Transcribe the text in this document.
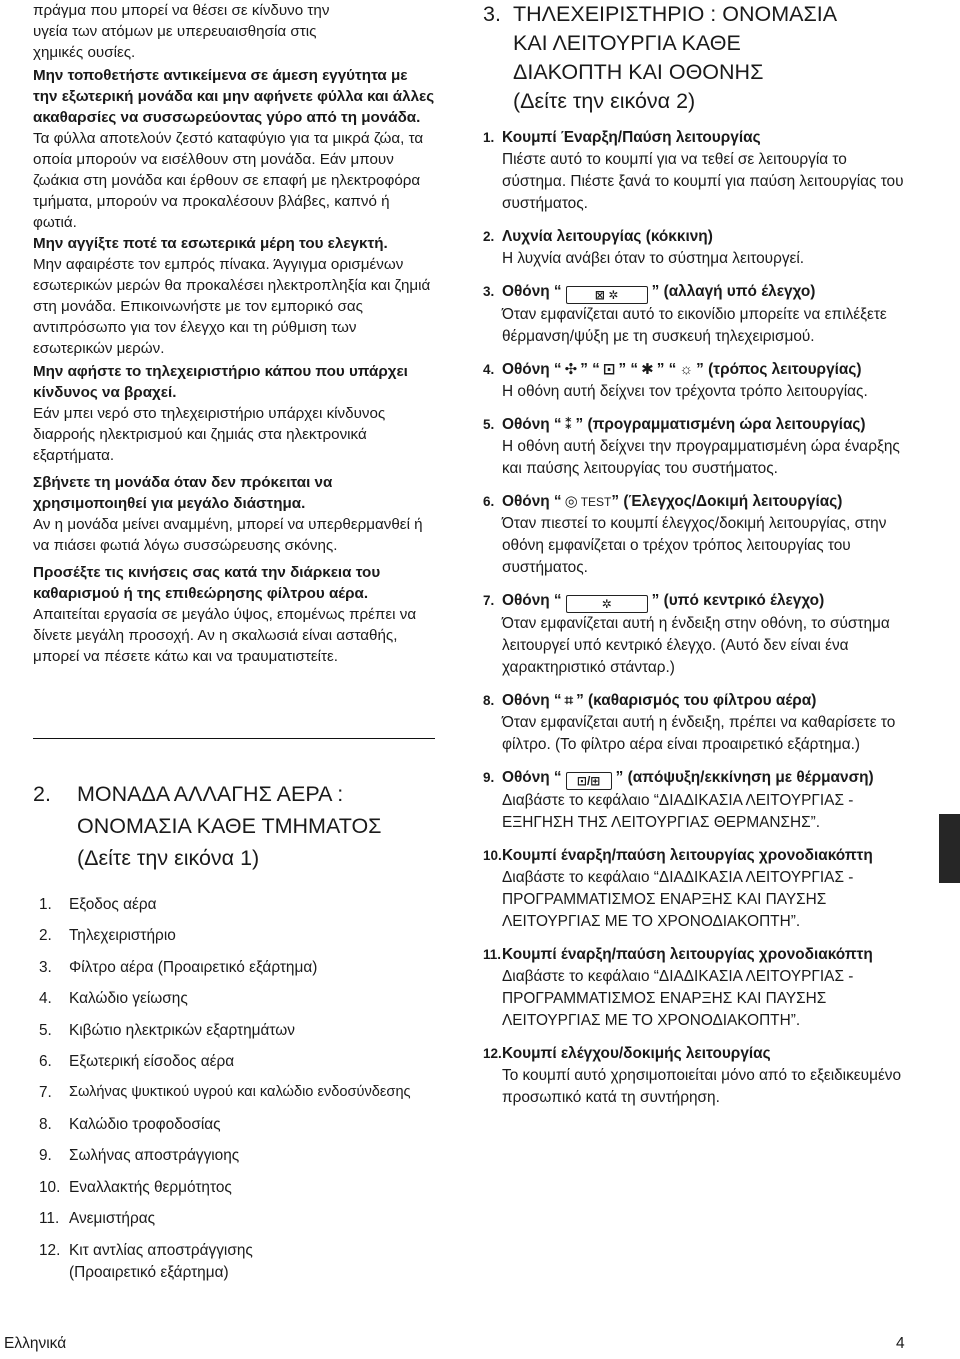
πράγμα που μπορεί να θέσει σε κίνδυνο την

υγεία των ατόμων με υπερευαισθησία στις

χημικές ουσίες.

Μην τοποθετήστε αντικείμενα σε άμεση εγγύτητα με την εξωτερική μονάδα και μην αφήνετε φύλλα και άλλες ακαθαρσίες να συσσωρεύοντας γύρο από τη μονάδα.

Τα φύλλα αποτελούν ζεστό καταφύγιο για τα μικρά ζώα, τα οποία μπορούν να εισέλθουν στη μονάδα. Εάν μπουν ζωάκια στη μονάδα και έρθουν σε επαφή με ηλεκτροφόρα τμήματα, μπορούν να προκαλέσουν βλάβες, καπνό ή φωτιά.

Μην αγγίξτε ποτέ τα εσωτερικά μέρη του ελεγκτή.

Μην αφαιρέστε τον εμπρός πίνακα. Άγγιγμα ορισμένων εσωτερικών μερών θα προκαλέσει ηλεκτροπληξία και ζημιά στη μονάδα. Επικοινωνήστε με τον εμπορικό σας αντιπρόσωπο για τον έλεγχο και τη ρύθμιση των εσωτερικών μερών.

Μην αφήστε το τηλεχειριστήριο κάπου που υπάρχει κίνδυνος να βραχεί.

Εάν μπει νερό στο τηλεχειριστήριο υπάρχει κίνδυνος διαρροής ηλεκτρισμού και ζημιάς στα ηλεκτρονικά εξαρτήματα.

Σβήνετε τη μονάδα όταν δεν πρόκειται να χρησιμοποιηθεί για μεγάλο διάστημα.

Αν η μονάδα μείνει αναμμένη, μπορεί να υπερθερμανθεί ή να πιάσει φωτιά λόγω συσσώρευσης σκόνης.

Προσέξτε τις κινήσεις σας κατά την διάρκεια του καθαρισμού ή της επιθεώρησης φίλτρου αέρα.

Απαιτείται εργασία σε μεγάλο ύψος, επομένως πρέπει να δίνετε μεγάλη προσοχή. Αν η σκαλωσιά είναι ασταθής, μπορεί να πέσετε κάτω και να τραυματιστείτε.

2. ΜΟΝΑΔΑ ΑΛΛΑΓΗΣ ΑΕΡΑ :
ΟΝΟΜΑΣΙΑ ΚΑΘΕ ΤΜΗΜΑΤΟΣ
(Δείτε την εικόνα 1)
1.	Εξοδος αέρα
2.	Τηλεχειριστήριο
3.	Φίλτρο αέρα (Προαιρετικό εξάρτημα)
4.	Καλώδιο γείωσης
5.	Κιβώτιο ηλεκτρικών εξαρτημάτων
6.	Εξωτερική είσοδος αέρα
7.	Σωλήνας ψυκτικού υγρού και καλώδιο ενδοσύνδεσης
8.	Καλώδιο τροφοδοσίας
9.	Σωλήνας αποστράγγιοης
10. Εναλλακτής θερμότητος
11. Ανεμιστήρας
12. Κιτ αντλίας αποστράγγισης
(Προαιρετικό εξάρτημα)
3. ΤΗΛΕΧΕΙΡΙΣΤΗΡΙΟ : ΟΝΟΜΑΣΙΑ
ΚΑΙ ΛΕΙΤΟΥΡΓΙΑ ΚΑΘΕ
ΔΙΑΚΟΠΤΗ ΚΑΙ ΟΘΟΝΗΣ
(Δείτε την εικόνα 2)
1. Κουμπί Έναρξη/Παύση λειτουργίας

Πιέστε αυτό το κουμπί για να τεθεί σε λειτουργία το σύστημα. Πιέστε ξανά το κουμπί για παύση λειτουργίας του συστήματος.

2. Λυχνία λειτουργίας (κόκκινη)

Η λυχνία ανάβει όταν το σύστημα λειτουργεί.

3. Οθόνη “	⊠ ✲ ” (αλλαγή υπό έλεγχο)

Όταν εμφανίζεται αυτό το εικονίδιο μπορείτε να επιλέξετε θέρμανση/ψύξη με τη συσκευή τηλεχειρισμού.

4. Οθόνη “ ✣ ” “ ⊡ ” “ ✱ ” “ ☼ ” (τρόπος λειτουργίας)

Η οθόνη αυτή δείχνει τον τρέχοντα τρόπο λειτουργίας.

5. Οθόνη “ ⁑ ” (προγραμματισμένη ώρα λειτουργίας)

Η οθόνη αυτή δείχνει την προγραμματισμένη ώρα έναρξης και παύσης λειτουργίας του συστήματος.

6. Οθόνη “ ◎ TEST” (Έλεγχος/Δοκιμή λειτουργίας)

Όταν πιεστεί το κουμπί έλεγχος/δοκιμή λειτουργίας, στην οθόνη εμφανίζεται ο τρέχον τρόπος λειτουργίας του συστήματος.

7. Οθόνη “	✲	” (υπό κεντρικό έλεγχο)

Όταν εμφανίζεται αυτή η ένδειξη στην οθόνη, το σύστημα λειτουργεί υπό κεντρικό έλεγχο. (Αυτό δεν είναι ένα χαρακτηριστικό στάνταρ.)

8. Οθόνη “ ⌗ ” (καθαρισμός του φίλτρου αέρα)

Όταν εμφανίζεται αυτή η ένδειξη, πρέπει να καθαρίσετε το φίλτρο. (Το φίλτρο αέρα είναι προαιρετικό εξάρτημα.)

9. Οθόνη “ ⊡/⊞ ” (απόψυξη/εκκίνηση με θέρμανση)

Διαβάστε το κεφάλαιο “ΔΙΑΔΙΚΑΣΙΑ ΛΕΙΤΟΥΡΓΙΑΣ - ΕΞΗΓΗΣΗ ΤΗΣ ΛΕΙΤΟΥΡΓΙΑΣ ΘΕΡΜΑΝΣΗΣ”.

10. Κουμπί έναρξη/παύση λειτουργίας χρονοδιακόπτη

Διαβάστε το κεφάλαιο “ΔΙΑΔΙΚΑΣΙΑ ΛΕΙΤΟΥΡΓΙΑΣ - ΠΡΟΓΡΑΜΜΑΤΙΣΜΟΣ ΕΝΑΡΞΗΣ ΚΑΙ ΠΑΥΣΗΣ ΛΕΙΤΟΥΡΓΙΑΣ ΜΕ ΤΟ ΧΡΟΝΟΔΙΑΚΟΠΤΗ”.

11. Κουμπί έναρξη/παύση λειτουργίας χρονοδιακόπτη

Διαβάστε το κεφάλαιο “ΔΙΑΔΙΚΑΣΙΑ ΛΕΙΤΟΥΡΓΙΑΣ - ΠΡΟΓΡΑΜΜΑΤΙΣΜΟΣ ΕΝΑΡΞΗΣ ΚΑΙ ΠΑΥΣΗΣ ΛΕΙΤΟΥΡΓΙΑΣ ΜΕ ΤΟ ΧΡΟΝΟΔΙΑΚΟΠΤΗ”.

12. Κουμπί ελέγχου/δοκιμής λειτουργίας

Το κουμπί αυτό χρησιμοποιείται μόνο από το εξειδικευμένο προσωπικό κατά τη συντήρηση.

Ελληνικά	4
